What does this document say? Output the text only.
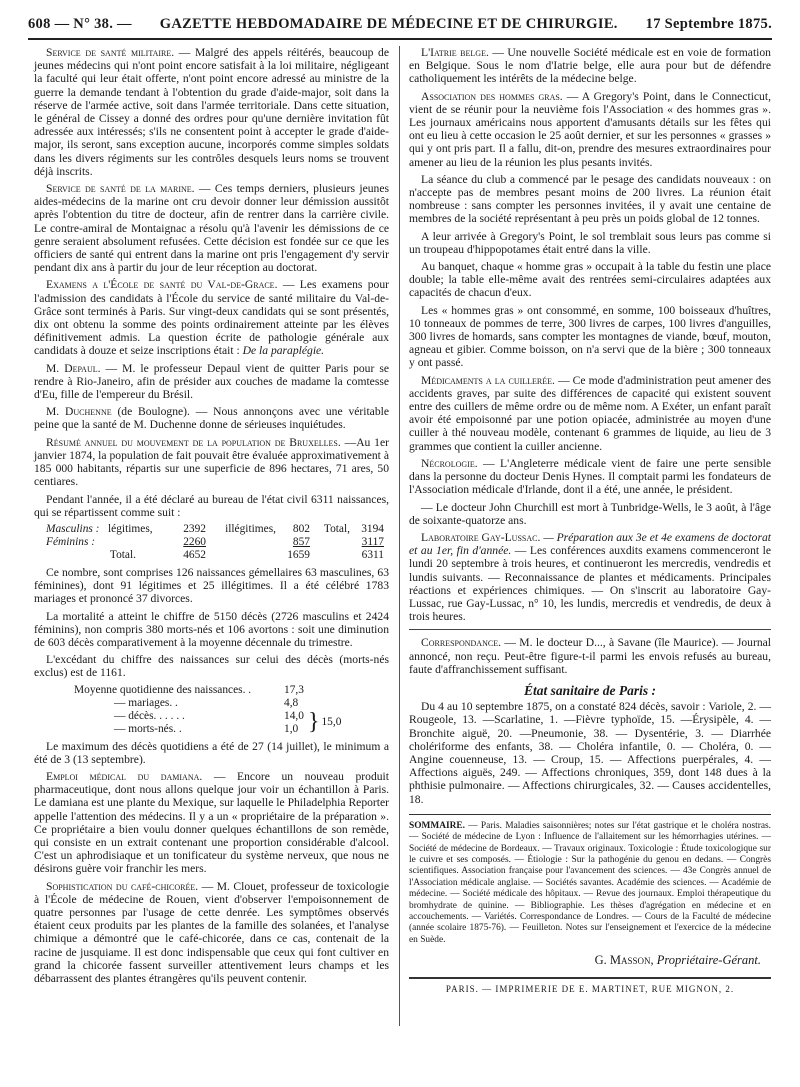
608 — N° 38. — GAZETTE HEBDOMADAIRE DE MÉDECINE ET DE CHIRURGIE. 17 Septembre 1875.

Service de santé militaire. — Malgré des appels réitérés, beaucoup de jeunes médecins qui n'ont point encore satisfait à la loi militaire, négligeant la faculté qui leur était offerte, n'ont point encore adressé au ministre de la guerre la demande tendant à l'obtention du grade d'aide-major, soit dans la réserve de l'armée active, soit dans l'armée territoriale. Dans cette situation, le général de Cissey a donné des ordres pour qu'une dernière invitation fût adressée aux intéressés; s'ils ne consentent point à accepter le grade d'aide-major, ils seront, sans exception aucune, incorporés comme simples soldats dans les divers régiments sur les contrôles desquels leurs noms se trouvent déjà inscrits.

Service de santé de la marine. — Ces temps derniers, plusieurs jeunes aides-médecins de la marine ont cru devoir donner leur démission aussitôt après l'obtention du titre de docteur, afin de rentrer dans la carrière civile. Le contre-amiral de Montaignac a résolu qu'à l'avenir les démissions de ce genre seraient absolument refusées. Cette décision est fondée sur ce que les officiers de santé qui entrent dans la marine ont pris l'engagement d'y servir pendant dix ans à partir du jour de leur réception au doctorat.

Examens a l'École de santé du Val-de-Grace. — Les examens pour l'admission des candidats à l'École du service de santé militaire du Val-de-Grâce sont terminés à Paris. Sur vingt-deux candidats qui se sont présentés, dix ont obtenu la somme des points ordinairement atteinte par les élèves définitivement admis. La question écrite de pathologie générale aux candidats à douze et seize inscriptions était : De la paraplégie.

M. Depaul. — M. le professeur Depaul vient de quitter Paris pour se rendre à Rio-Janeiro, afin de présider aux couches de madame la comtesse d'Eu, fille de l'empereur du Brésil.

M. Duchenne (de Boulogne). — Nous annonçons avec une véritable peine que la santé de M. Duchenne donne de sérieuses inquiétudes.

Résumé annuel du mouvement de la population de Bruxelles. —Au 1er janvier 1874, la population de fait pouvait être évaluée approximativement à 185 000 habitants, répartis sur une superficie de 896 hectares, 71 ares, 50 centiares.

Pendant l'année, il a été déclaré au bureau de l'état civil 6311 naissances, qui se répartissent comme suit :

Masculins : légitimes,	2392	illégitimes,	802	Total, 3194
Féminins :	2260	857	3117
Total.	4652	1659	6311

Ce nombre, sont comprises 126 naissances gémellaires 63 masculines, 63 féminines), dont 91 légitimes et 25 illégitimes. Il a été célébré 1783 mariages et prononcé 37 divorces.

La mortalité a atteint le chiffre de 5150 décès (2726 masculins et 2424 féminins), non compris 380 morts-nés et 106 avortons : soit une diminution de 603 décès comparativement à la moyenne décennale du trimestre.

L'excédant du chiffre des naissances sur celui des décès (morts-nés exclus) est de 1161.

Moyenne quotidienne des naissances. .	17,3
— mariages. .	4,8
— décès. . . . . .	14,0
— morts-nés. .	1,0 } 15,0

Le maximum des décès quotidiens a été de 27 (14 juillet), le minimum a été de 3 (13 septembre).

Emploi médical du damiana. — Encore un nouveau produit pharmaceutique, dont nous allons quelque jour voir un échantillon à Paris. Le damiana est une plante du Mexique, sur laquelle le Philadelphia Reporter appelle l'attention des médecins. Il y a un « propriétaire de la préparation ». Ce propriétaire a bien voulu donner quelques échantillons de son remède, qui consiste en un extrait contenant une proportion considérable d'alcool. C'est un aphrodisiaque et un tonificateur du système nerveux, que nous ne désirons guère voir franchir les mers.

Sophistication du café-chicorée. — M. Clouet, professeur de toxicologie à l'École de médecine de Rouen, vient d'observer l'empoisonnement de quatre personnes par l'usage de cette denrée. Les symptômes observés étaient ceux produits par les plantes de la famille des solanées, et l'analyse chimique a démontré que le café-chicorée, dans ce cas, contenait de la racine de jusquiame. Il est donc indispensable que ceux qui font cultiver en grand la chicorée fassent surveiller attentivement leurs champs et les débarrassent des plantes étrangères qu'ils peuvent contenir.

L'Iatrie belge. — Une nouvelle Société médicale est en voie de formation en Belgique. Sous le nom d'Iatrie belge, elle aura pour but de défendre catholiquement les intérêts de la médecine belge.

Association des hommes gras. — A Gregory's Point, dans le Connecticut, vient de se réunir pour la neuvième fois l'Association « des hommes gras ». Les journaux américains nous apportent d'amusants détails sur les fêtes qui ont eu lieu à cette occasion le 25 août dernier, et sur les personnes « grasses » qui y ont pris part. Il a fallu, dit-on, prendre des mesures extraordinaires pour amener au lieu de la réunion les plus pesants invités.

La séance du club a commencé par le pesage des candidats nouveaux : on n'accepte pas de membres pesant moins de 200 livres. La réunion était nombreuse : sans compter les personnes invitées, il y avait une centaine de membres de la société représentant à peu près un poids global de 12 tonnes.

A leur arrivée à Gregory's Point, le sol tremblait sous leurs pas comme si un troupeau d'hippopotames était entré dans la ville.

Au banquet, chaque « homme gras » occupait à la table du festin une place double; la table elle-même avait des rentrées semi-circulaires adaptées aux capacités de chacun d'eux.

Les « hommes gras » ont consommé, en somme, 100 boisseaux d'huîtres, 10 tonneaux de pommes de terre, 300 livres de carpes, 100 livres d'anguilles, 300 livres de homards, sans compter les montagnes de viande, bœuf, mouton, agneau et gibier. Comme boisson, on n'a servi que de la bière ; 300 tonneaux y ont passé.

Médicaments a la cuillerée. — Ce mode d'administration peut amener des accidents graves, par suite des différences de capacité qui existent souvent entre des cuillers de même ordre ou de même nom. A Exéter, un enfant paraît avoir été empoisonné par une potion opiacée, administrée au moyen d'une cuiller à thé nouveau modèle, contenant 6 grammes de liquide, au lieu de 3 grammes que contient la cuiller ancienne.

Nécrologie. — L'Angleterre médicale vient de faire une perte sensible dans la personne du docteur Denis Hynes. Il comptait parmi les fondateurs de l'Association médicale d'Irlande, dont il a été, une année, le président.

— Le docteur John Churchill est mort à Tunbridge-Wells, le 3 août, à l'âge de soixante-quatorze ans.

Laboratoire Gay-Lussac. — Préparation aux 3e et 4e examens de doctorat et au 1er, fin d'année. — Les conférences auxdits examens commenceront le lundi 20 septembre à trois heures, et continueront les mercredis, vendredis et lundis suivants. — Reconnaissance de plantes et médicaments. Principales réactions et expériences chimiques. — On s'inscrit au laboratoire Gay-Lussac, rue Gay-Lussac, n° 10, les lundis, mercredis et vendredis, de deux à trois heures.

Correspondance. — M. le docteur D..., à Savane (île Maurice). — Journal annoncé, non reçu. Peut-être figure-t-il parmi les envois refusés au bureau, faute d'affranchissement suffisant.

État sanitaire de Paris :

Du 4 au 10 septembre 1875, on a constaté 824 décès, savoir : Variole, 2. —Rougeole, 13. —Scarlatine, 1. —Fièvre typhoïde, 15. —Érysipèle, 4. —Bronchite aiguë, 20. —Pneumonie, 38. — Dysentérie, 3. — Diarrhée cholériforme des enfants, 38. — Choléra infantile, 0. — Choléra, 0. — Angine couenneuse, 13. — Croup, 15. — Affections puerpérales, 4. — Affections aiguës, 249. — Affections chroniques, 359, dont 148 dues à la phthisie pulmonaire. — Affections chirurgicales, 32. — Causes accidentelles, 18.

SOMMAIRE. — Paris. Maladies saisonnières; notes sur l'état gastrique et le choléra nostras. — Société de médecine de Lyon : Influence de l'allaitement sur les hémorrhagies utérines. — Société de médecine de Bordeaux. — Travaux originaux. Toxicologie : Étude toxicologique sur le cuivre et ses composés. — Étiologie : Sur la pathogénie du genou en dedans. — Congrès scientifiques. Association française pour l'avancement des sciences. — 43e Congrès annuel de l'Association médicale anglaise. — Sociétés savantes. Académie des sciences. — Académie de médecine. — Société médicale des hôpitaux. — Revue des journaux. Emploi thérapeutique du bromhydrate de quinine. — Bibliographie. Les thèses d'agrégation en médecine et en accouchements. — Variétés. Correspondance de Londres. — Cours de la Faculté de médecine (année scolaire 1875-76). — Feuilleton. Notes sur l'enseignement et l'exercice de la médecine en Suède.
G. Masson, Propriétaire-Gérant.
PARIS. — IMPRIMERIE DE E. MARTINET, RUE MIGNON, 2.
